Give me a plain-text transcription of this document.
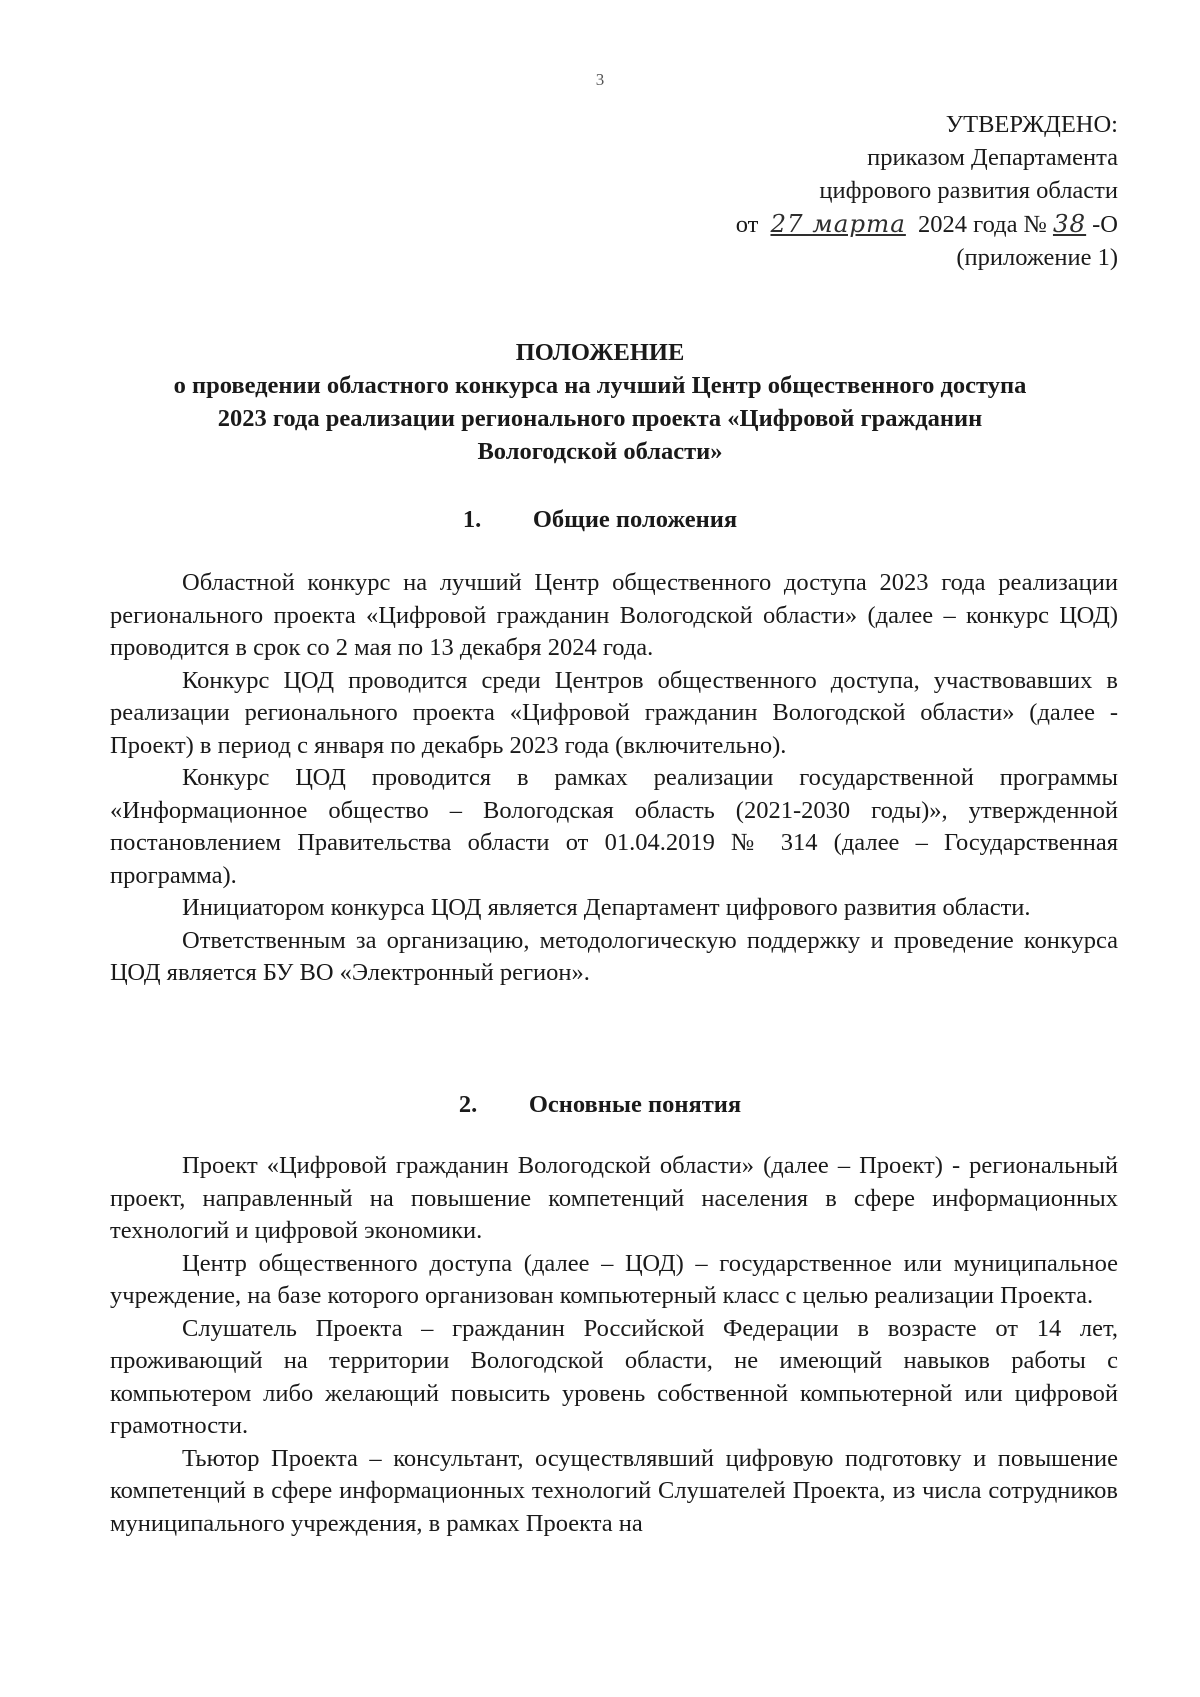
3
УТВЕРЖДЕНО:
приказом Департамента
цифрового развития области
от 27 марта 2024 года № 38 -О
(приложение 1)
ПОЛОЖЕНИЕ
о проведении областного конкурса на лучший Центр общественного доступа
2023 года реализации регионального проекта «Цифровой гражданин
Вологодской области»
1. Общие положения

Областной конкурс на лучший Центр общественного доступа 2023 года реализации регионального проекта «Цифровой гражданин Вологодской области» (далее – конкурс ЦОД) проводится в срок со 2 мая по 13 декабря 2024 года.

Конкурс ЦОД проводится среди Центров общественного доступа, участвовавших в реализации регионального проекта «Цифровой гражданин Вологодской области» (далее - Проект) в период с января по декабрь 2023 года (включительно).

Конкурс ЦОД проводится в рамках реализации государственной программы «Информационное общество – Вологодская область (2021-2030 годы)», утвержденной постановлением Правительства области от 01.04.2019 № 314 (далее – Государственная программа).

Инициатором конкурса ЦОД является Департамент цифрового развития области.

Ответственным за организацию, методологическую поддержку и проведение конкурса ЦОД является БУ ВО «Электронный регион».

2. Основные понятия

Проект «Цифровой гражданин Вологодской области» (далее – Проект) - региональный проект, направленный на повышение компетенций населения в сфере информационных технологий и цифровой экономики.

Центр общественного доступа (далее – ЦОД) – государственное или муниципальное учреждение, на базе которого организован компьютерный класс с целью реализации Проекта.

Слушатель Проекта – гражданин Российской Федерации в возрасте от 14 лет, проживающий на территории Вологодской области, не имеющий навыков работы с компьютером либо желающий повысить уровень собственной компьютерной или цифровой грамотности.

Тьютор Проекта – консультант, осуществлявший цифровую подготовку и повышение компетенций в сфере информационных технологий Слушателей Проекта, из числа сотрудников муниципального учреждения, в рамках Проекта на
